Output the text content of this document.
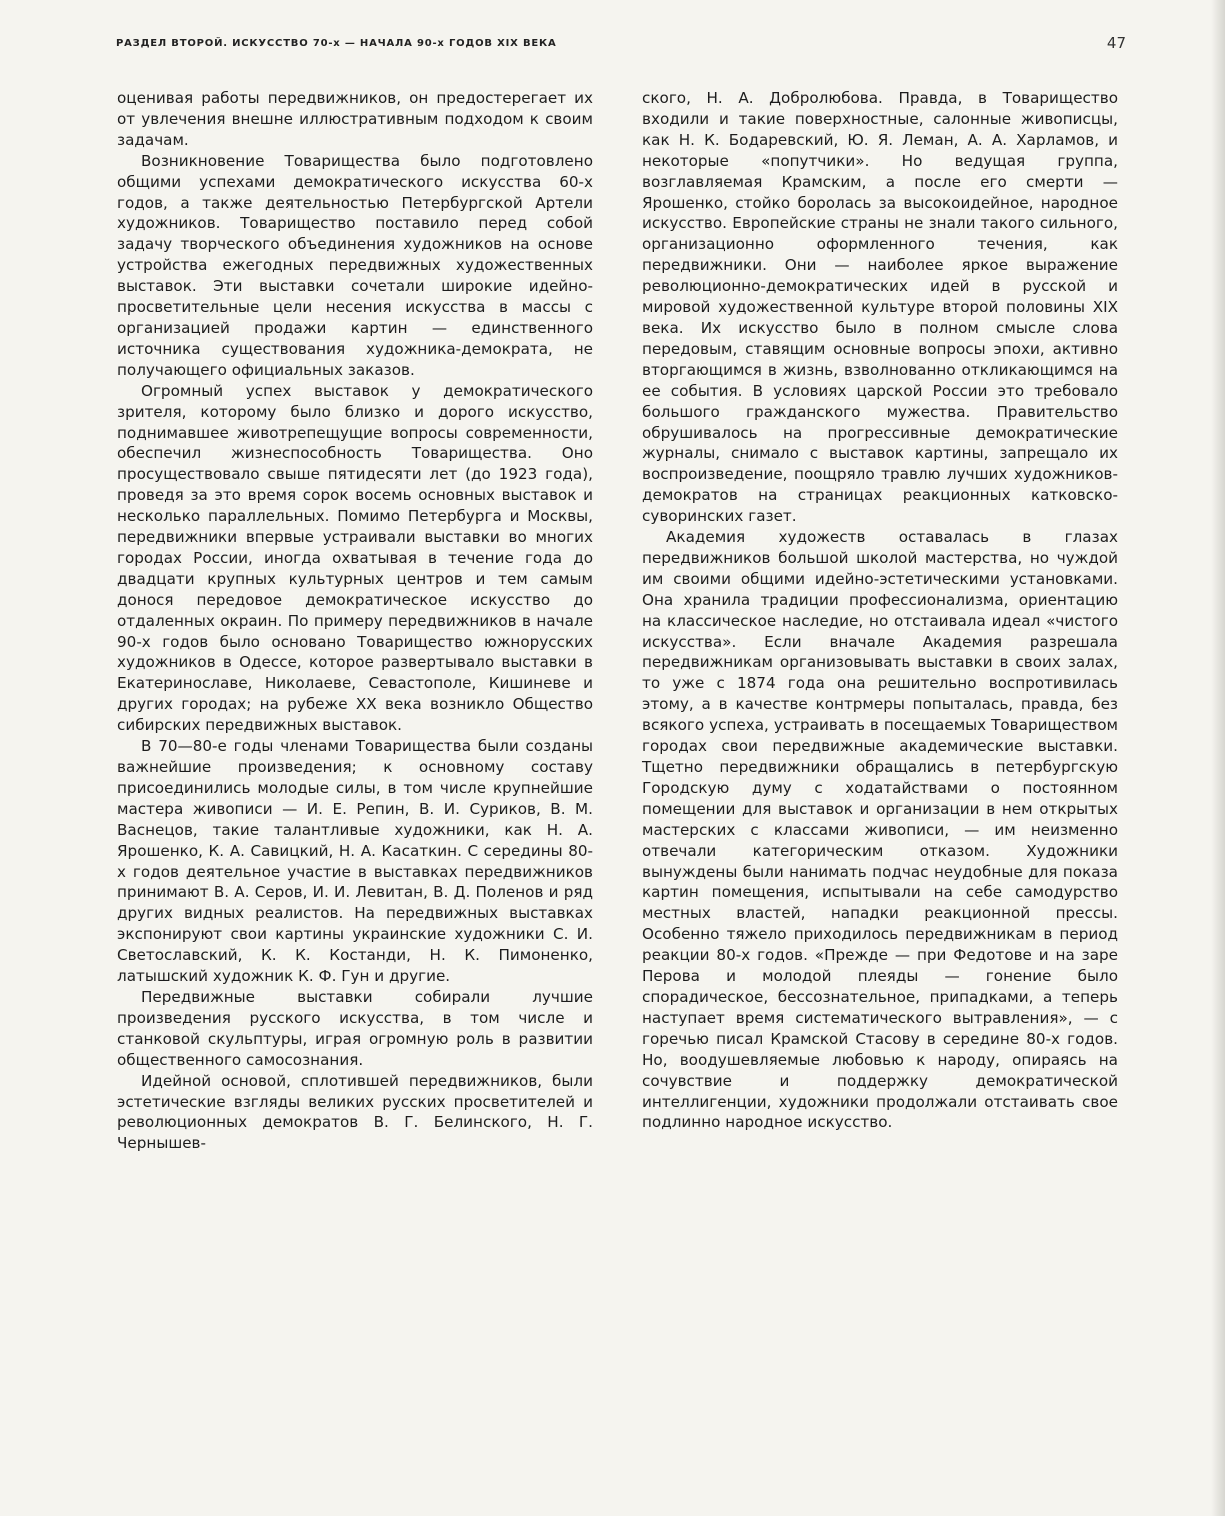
РАЗДЕЛ ВТОРОЙ. ИСКУССТВО 70-х — НАЧАЛА 90-х ГОДОВ XIX ВЕКА	47

оценивая работы передвижников, он предостерегает их от увлечения внешне иллюстративным подходом к своим задачам.

Возникновение Товарищества было подготовлено общими успехами демократического искусства 60-х годов, а также деятельностью Петербургской Артели художников. Товарищество поставило перед собой задачу творческого объединения художников на основе устройства ежегодных передвижных художественных выставок. Эти выставки сочетали широкие идейно-просветительные цели несения искусства в массы с организацией продажи картин — единственного источника существования художника-демократа, не получающего официальных заказов.

Огромный успех выставок у демократического зрителя, которому было близко и дорого искусство, поднимавшее животрепещущие вопросы современности, обеспечил жизнеспособность Товарищества. Оно просуществовало свыше пятидесяти лет (до 1923 года), проведя за это время сорок восемь основных выставок и несколько параллельных. Помимо Петербурга и Москвы, передвижники впервые устраивали выставки во многих городах России, иногда охватывая в течение года до двадцати крупных культурных центров и тем самым донося передовое демократическое искусство до отдаленных окраин. По примеру передвижников в начале 90-х годов было основано Товарищество южнорусских художников в Одессе, которое развертывало выставки в Екатеринославе, Николаеве, Севастополе, Кишиневе и других городах; на рубеже XX века возникло Общество сибирских передвижных выставок.

В 70—80-е годы членами Товарищества были созданы важнейшие произведения; к основному составу присоединились молодые силы, в том числе крупнейшие мастера живописи — И. Е. Репин, В. И. Суриков, В. М. Васнецов, такие талантливые художники, как Н. А. Ярошенко, К. А. Савицкий, Н. А. Касаткин. С середины 80-х годов деятельное участие в выставках передвижников принимают В. А. Серов, И. И. Левитан, В. Д. Поленов и ряд других видных реалистов. На передвижных выставках экспонируют свои картины украинские художники С. И. Светославский, К. К. Костанди, Н. К. Пимоненко, латышский художник К. Ф. Гун и другие.

Передвижные выставки собирали лучшие произведения русского искусства, в том числе и станковой скульптуры, играя огромную роль в развитии общественного самосознания.

Идейной основой, сплотившей передвижников, были эстетические взгляды великих русских просветителей и революционных демократов В. Г. Белинского, Н. Г. Чернышев-

ского, Н. А. Добролюбова. Правда, в Товарищество входили и такие поверхностные, салонные живописцы, как Н. К. Бодаревский, Ю. Я. Леман, А. А. Харламов, и некоторые «попутчики». Но ведущая группа, возглавляемая Крамским, а после его смерти — Ярошенко, стойко боролась за высокоидейное, народное искусство. Европейские страны не знали такого сильного, организационно оформленного течения, как передвижники. Они — наиболее яркое выражение революционно-демократических идей в русской и мировой художественной культуре второй половины XIX века. Их искусство было в полном смысле слова передовым, ставящим основные вопросы эпохи, активно вторгающимся в жизнь, взволнованно откликающимся на ее события. В условиях царской России это требовало большого гражданского мужества. Правительство обрушивалось на прогрессивные демократические журналы, снимало с выставок картины, запрещало их воспроизведение, поощряло травлю лучших художников-демократов на страницах реакционных катковско-суворинских газет.

Академия художеств оставалась в глазах передвижников большой школой мастерства, но чуждой им своими общими идейно-эстетическими установками. Она хранила традиции профессионализма, ориентацию на классическое наследие, но отстаивала идеал «чистого искусства». Если вначале Академия разрешала передвижникам организовывать выставки в своих залах, то уже с 1874 года она решительно воспротивилась этому, а в качестве контрмеры попыталась, правда, без всякого успеха, устраивать в посещаемых Товариществом городах свои передвижные академические выставки. Тщетно передвижники обращались в петербургскую Городскую думу с ходатайствами о постоянном помещении для выставок и организации в нем открытых мастерских с классами живописи, — им неизменно отвечали категорическим отказом. Художники вынуждены были нанимать подчас неудобные для показа картин помещения, испытывали на себе самодурство местных властей, нападки реакционной прессы. Особенно тяжело приходилось передвижникам в период реакции 80-х годов. «Прежде — при Федотове и на заре Перова и молодой плеяды — гонение было спорадическое, бессознательное, припадками, а теперь наступает время систематического вытравления», — с горечью писал Крамской Стасову в середине 80-х годов. Но, воодушевляемые любовью к народу, опираясь на сочувствие и поддержку демократической интеллигенции, художники продолжали отстаивать свое подлинно народное искусство.
